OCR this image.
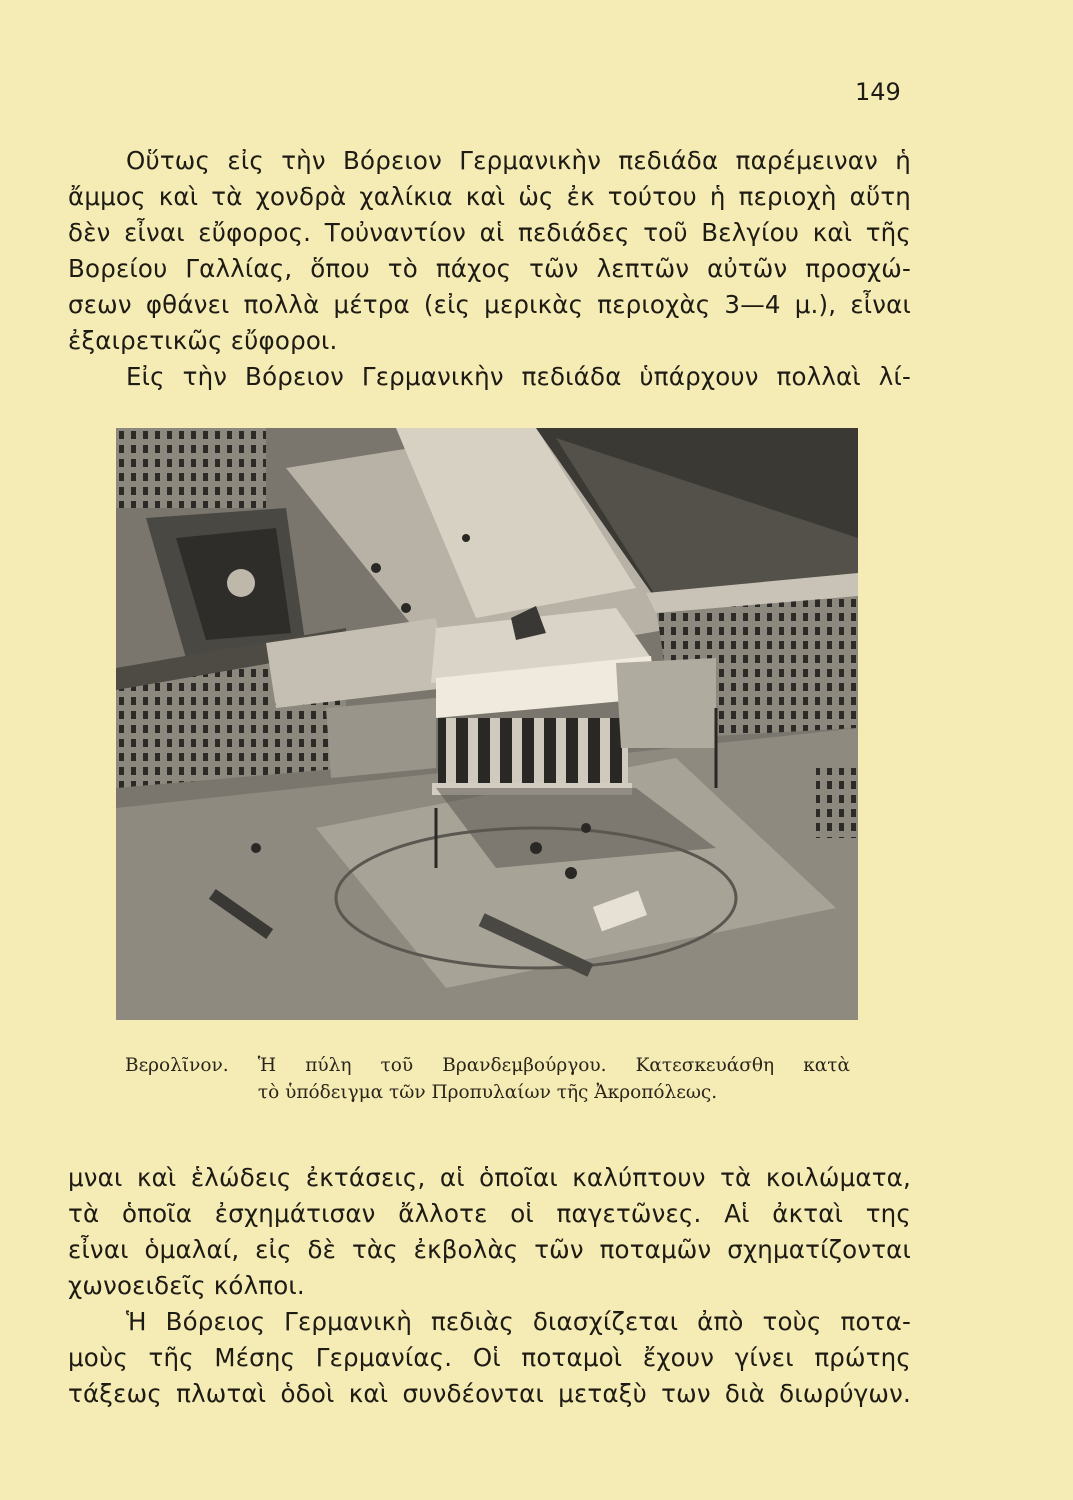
149
Οὕτως εἰς τὴν Βόρειον Γερμανικὴν πεδιάδα παρέμειναν ἡ
ἄμμος καὶ τὰ χονδρὰ χαλίκια καὶ ὡς ἐκ τούτου ἡ περιοχὴ αὕτη
δὲν εἶναι εὔφορος. Τοὐναντίον αἱ πεδιάδες τοῦ Βελγίου καὶ τῆς
Βορείου Γαλλίας, ὅπου τὸ πάχος τῶν λεπτῶν αὐτῶν προσχώ-
σεων φθάνει πολλὰ μέτρα (εἰς μερικὰς περιοχὰς 3—4 μ.), εἶναι
ἐξαιρετικῶς εὔφοροι.
Εἰς τὴν Βόρειον Γερμανικὴν πεδιάδα ὑπάρχουν πολλαὶ λί-
Βερολῖνον. Ἡ πύλη τοῦ Βρανδεμβούργου. Κατεσκευάσθη κατὰ
τὸ ὑπόδειγμα τῶν Προπυλαίων τῆς Ἀκροπόλεως.
μναι καὶ ἑλώδεις ἐκτάσεις, αἱ ὁποῖαι καλύπτουν τὰ κοιλώματα,
τὰ ὁποῖα ἐσχημάτισαν ἄλλοτε οἱ παγετῶνες. Αἱ ἀκταὶ της
εἶναι ὁμαλαί, εἰς δὲ τὰς ἐκβολὰς τῶν ποταμῶν σχηματίζονται
χωνοειδεῖς κόλποι.
Ἡ Βόρειος Γερμανικὴ πεδιὰς διασχίζεται ἀπὸ τοὺς ποτα-
μοὺς τῆς Μέσης Γερμανίας. Οἱ ποταμοὶ ἔχουν γίνει πρώτης
τάξεως πλωταὶ ὁδοὶ καὶ συνδέονται μεταξὺ των διὰ διωρύγων.
